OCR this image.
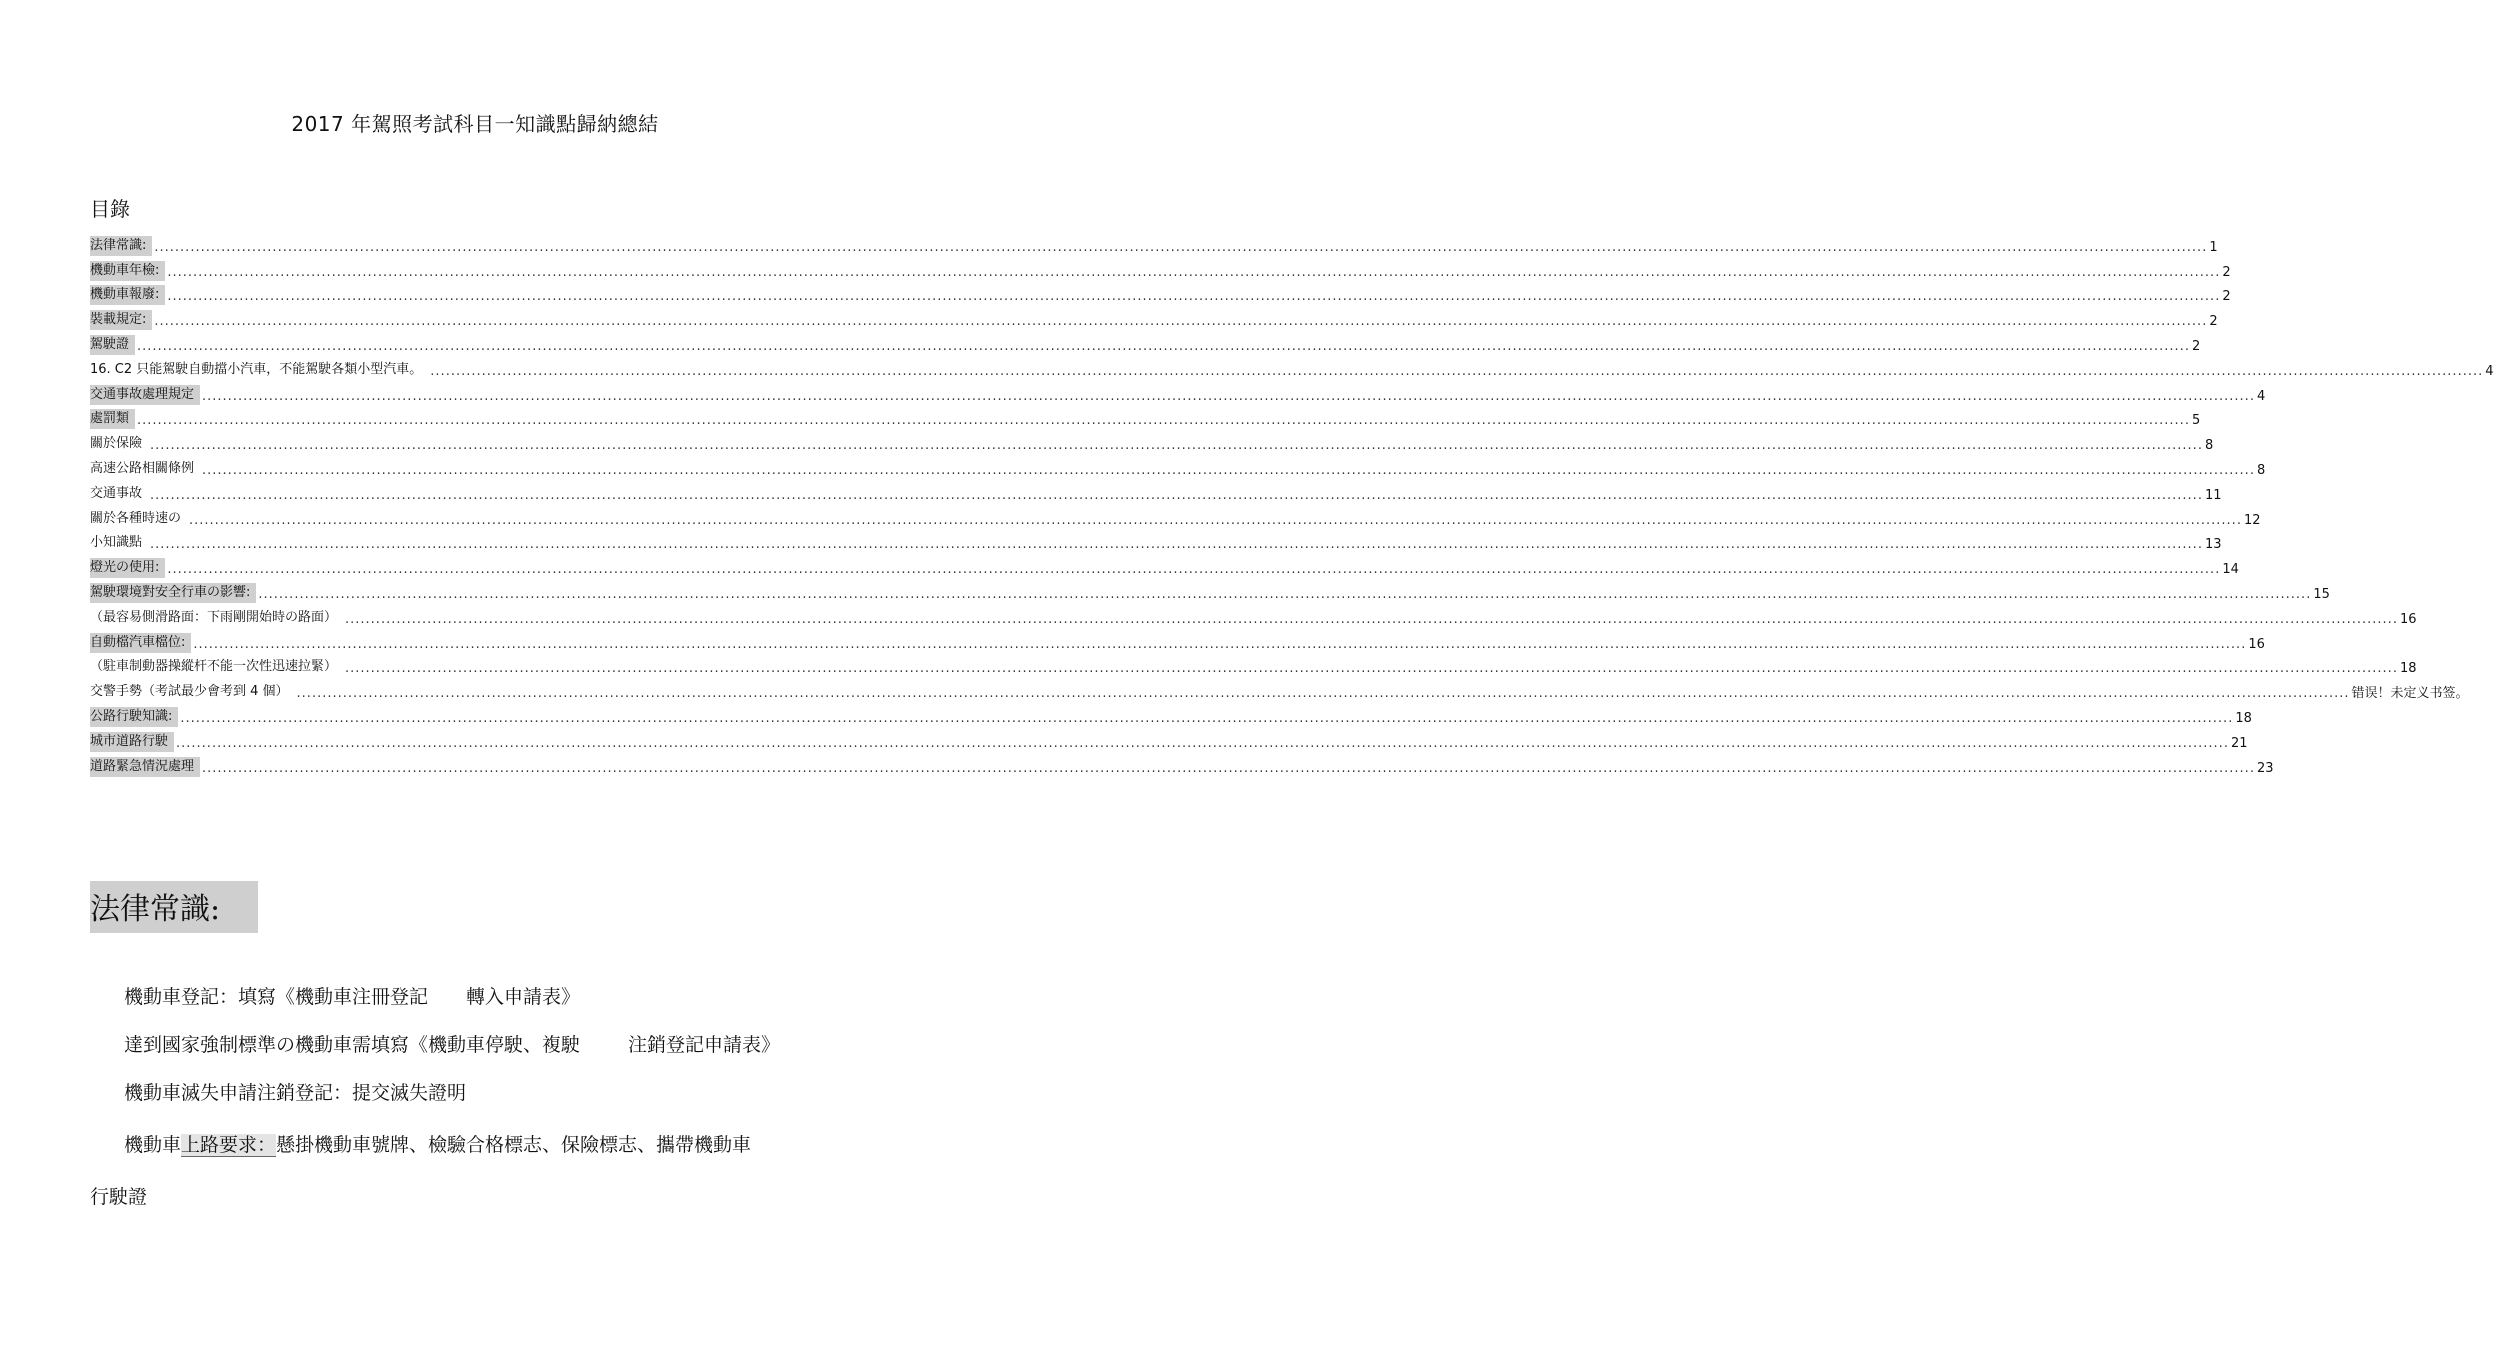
2017 年駕照考試科目一知識點歸納總結
目錄
法律常識: ................................................................................................................................................................................................................................................................................................................................................................................................................ 1
機動車年檢: ................................................................................................................................................................................................................................................................................................................................................................................................................ 2
機動車報廢: ................................................................................................................................................................................................................................................................................................................................................................................................................ 2
裝載規定: ................................................................................................................................................................................................................................................................................................................................................................................................................ 2
駕駛證 ................................................................................................................................................................................................................................................................................................................................................................................................................ 2
16. C2 只能駕駛自動擋小汽車，不能駕駛各類小型汽車。 ................................................................................................................................................................................................................................................................................................................................................................................................................ 4
交通事故處理規定 ................................................................................................................................................................................................................................................................................................................................................................................................................ 4
處罰類 ................................................................................................................................................................................................................................................................................................................................................................................................................ 5
關於保險 ................................................................................................................................................................................................................................................................................................................................................................................................................ 8
高速公路相關條例 ................................................................................................................................................................................................................................................................................................................................................................................................................ 8
交通事故 ................................................................................................................................................................................................................................................................................................................................................................................................................ 11
關於各種時速の ................................................................................................................................................................................................................................................................................................................................................................................................................ 12
小知識點 ................................................................................................................................................................................................................................................................................................................................................................................................................ 13
燈光の使用: ................................................................................................................................................................................................................................................................................................................................................................................................................ 14
駕駛環境對安全行車の影響: ................................................................................................................................................................................................................................................................................................................................................................................................................ 15
（最容易側滑路面：下雨剛開始時の路面） ................................................................................................................................................................................................................................................................................................................................................................................................................ 16
自動檔汽車檔位: ................................................................................................................................................................................................................................................................................................................................................................................................................ 16
（駐車制動器操縱杆不能一次性迅速拉緊） ................................................................................................................................................................................................................................................................................................................................................................................................................ 18
交警手勢（考試最少會考到 4 個） ................................................................................................................................................................................................................................................................................................................................................................................................................ 错误！未定义书签。
公路行駛知識: ................................................................................................................................................................................................................................................................................................................................................................................................................ 18
城市道路行駛 ................................................................................................................................................................................................................................................................................................................................................................................................................ 21
道路緊急情況處理 ................................................................................................................................................................................................................................................................................................................................................................................................................ 23
法律常識:
機動車登記：填寫《機動車注冊登記 轉入申請表》
達到國家強制標準の機動車需填寫《機動車停駛、複駛	注銷登記申請表》
機動車滅失申請注銷登記：提交滅失證明
機動車上路要求：懸掛機動車號牌、檢驗合格標志、保險標志、攜帶機動車
行駛證
